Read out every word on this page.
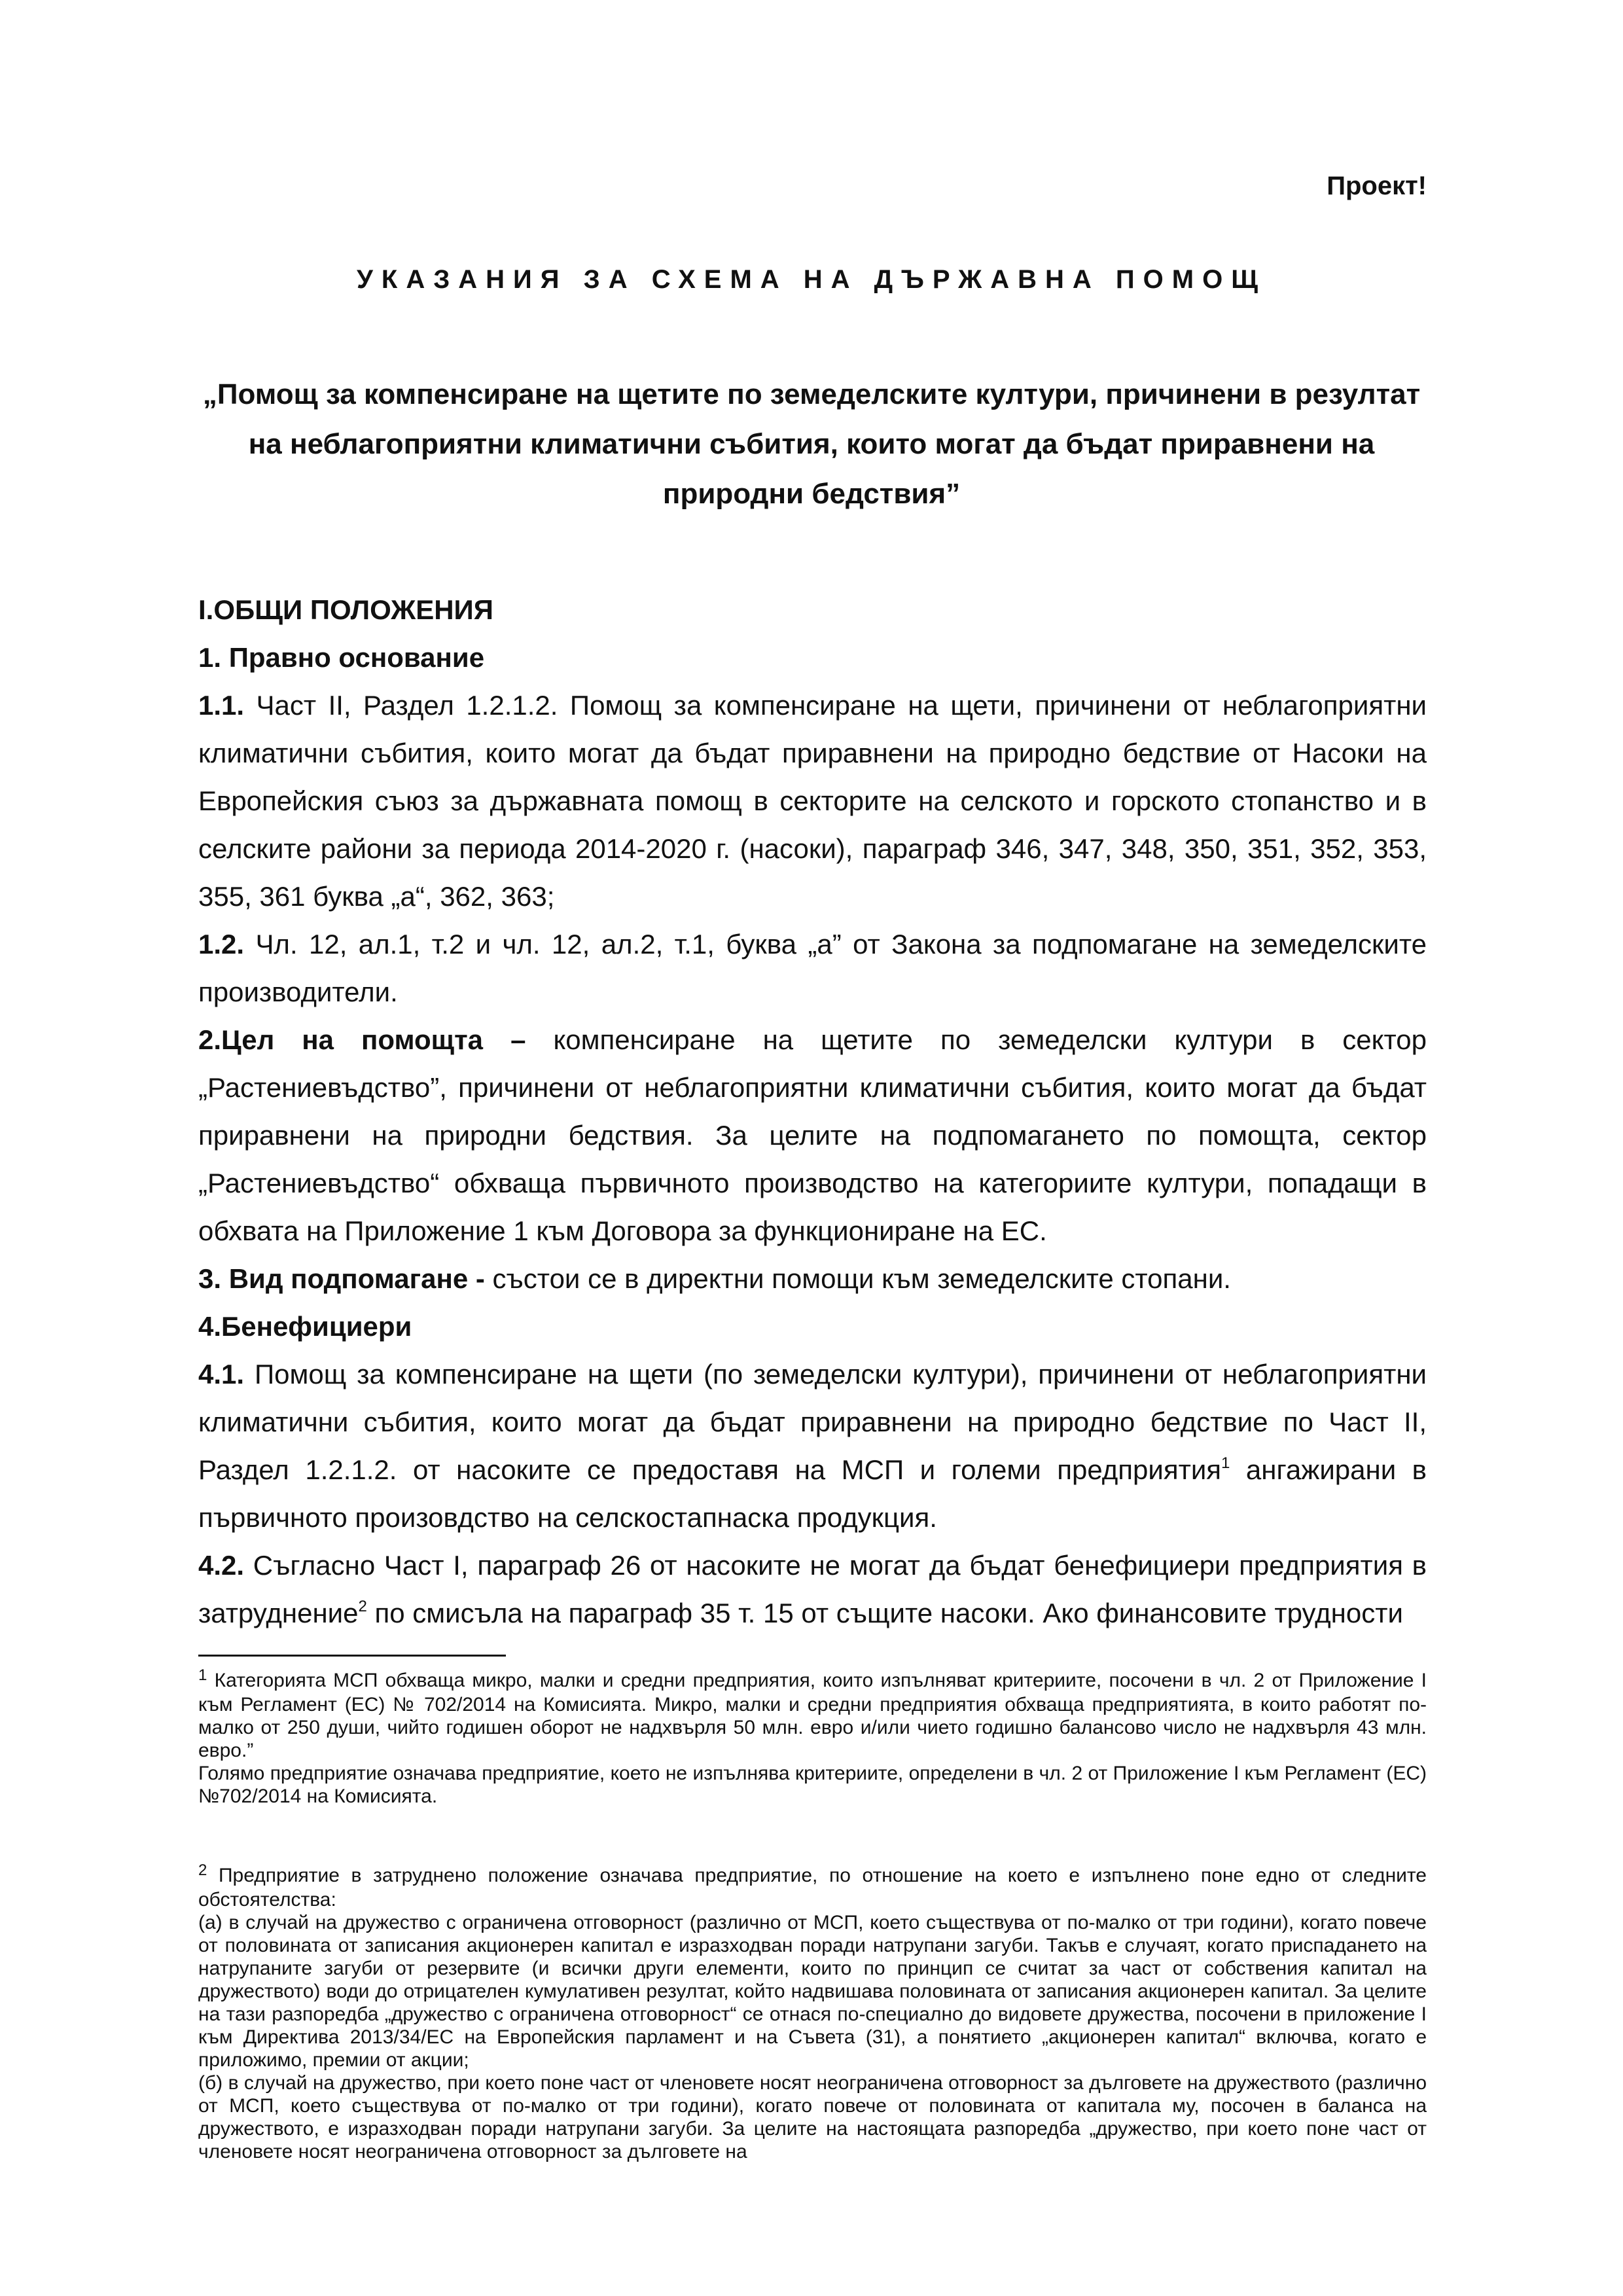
Проект!
УКАЗАНИЯ ЗА СХЕМА НА ДЪРЖАВНА ПОМОЩ
„Помощ за компенсиране на щетите по земеделските култури, причинени в резултат на неблагоприятни климатични събития, които могат да бъдат приравнени на природни бедствия”

I.ОБЩИ ПОЛОЖЕНИЯ

1. Правно основание

1.1. Част II, Раздел 1.2.1.2. Помощ за компенсиране на щети, причинени от неблагоприятни климатични събития, които могат да бъдат приравнени на природно бедствие от Насоки на Европейския съюз за държавната помощ в секторите на селското и горското стопанство и в селските райони за периода 2014-2020 г. (насоки), параграф 346, 347, 348, 350, 351, 352, 353, 355, 361 буква „а“, 362, 363;

1.2. Чл. 12, ал.1, т.2 и чл. 12, ал.2, т.1, буква „а” от Закона за подпомагане на земеделските производители.

2.Цел на помощта – компенсиране на щетите по земеделски култури в сектор „Растениевъдство”, причинени от неблагоприятни климатични събития, които могат да бъдат приравнени на природни бедствия. За целите на подпомагането по помощта, сектор „Растениевъдство“ обхваща първичното производство на категориите култури, попадащи в обхвата на Приложение 1 към Договора за функциониране на ЕС.

3. Вид подпомагане - състои се в директни помощи към земеделските стопани.

4.Бенефициери

4.1. Помощ за компенсиране на щети (по земеделски култури), причинени от неблагоприятни климатични събития, които могат да бъдат приравнени на природно бедствие по Част II, Раздел 1.2.1.2. от насоките се предоставя на МСП и големи предприятия$^1$ ангажирани в първичното произовдство на селскостапнаска продукция.

4.2. Съгласно Част I, параграф 26 от насоките не могат да бъдат бенефициери предприятия в затруднение$^2$ по смисъла на параграф 35 т. 15 от същите насоки. Ако финансовите трудности

$^1$ Категорията МСП обхваща микро, малки и средни предприятия, които изпълняват критериите, посочени в чл. 2 от Приложение I към Регламент (ЕС) № 702/2014 на Комисията. Микро, малки и средни предприятия обхваща предприятията, в които работят по-малко от 250 души, чийто годишен оборот не надхвърля 50 млн. евро и/или чието годишно балансово число не надхвърля 43 млн. евро.”

Голямо предприятие означава предприятие, което не изпълнява критериите, определени в чл. 2 от Приложение I към Регламент (ЕС) №702/2014 на Комисията.

$^2$ Предприятие в затруднено положение означава предприятие, по отношение на което е изпълнено поне едно от следните обстоятелства:

(а) в случай на дружество с ограничена отговорност (различно от МСП, което съществува от по-малко от три години), когато повече от половината от записания акционерен капитал е изразходван поради натрупани загуби. Такъв е случаят, когато приспадането на натрупаните загуби от резервите (и всички други елементи, които по принцип се считат за част от собствения капитал на дружеството) води до отрицателен кумулативен резултат, който надвишава половината от записания акционерен капитал. За целите на тази разпоредба „дружество с ограничена отговорност“ се отнася по-специално до видовете дружества, посочени в приложение I към Директива 2013/34/ЕС на Европейския парламент и на Съвета (31), а понятието „акционерен капитал“ включва, когато е приложимо, премии от акции;

(б) в случай на дружество, при което поне част от членовете носят неограничена отговорност за дълговете на дружеството (различно от МСП, което съществува от по-малко от три години), когато повече от половината от капитала му, посочен в баланса на дружеството, е изразходван поради натрупани загуби. За целите на настоящата разпоредба „дружество, при което поне част от членовете носят неограничена отговорност за дълговете на
